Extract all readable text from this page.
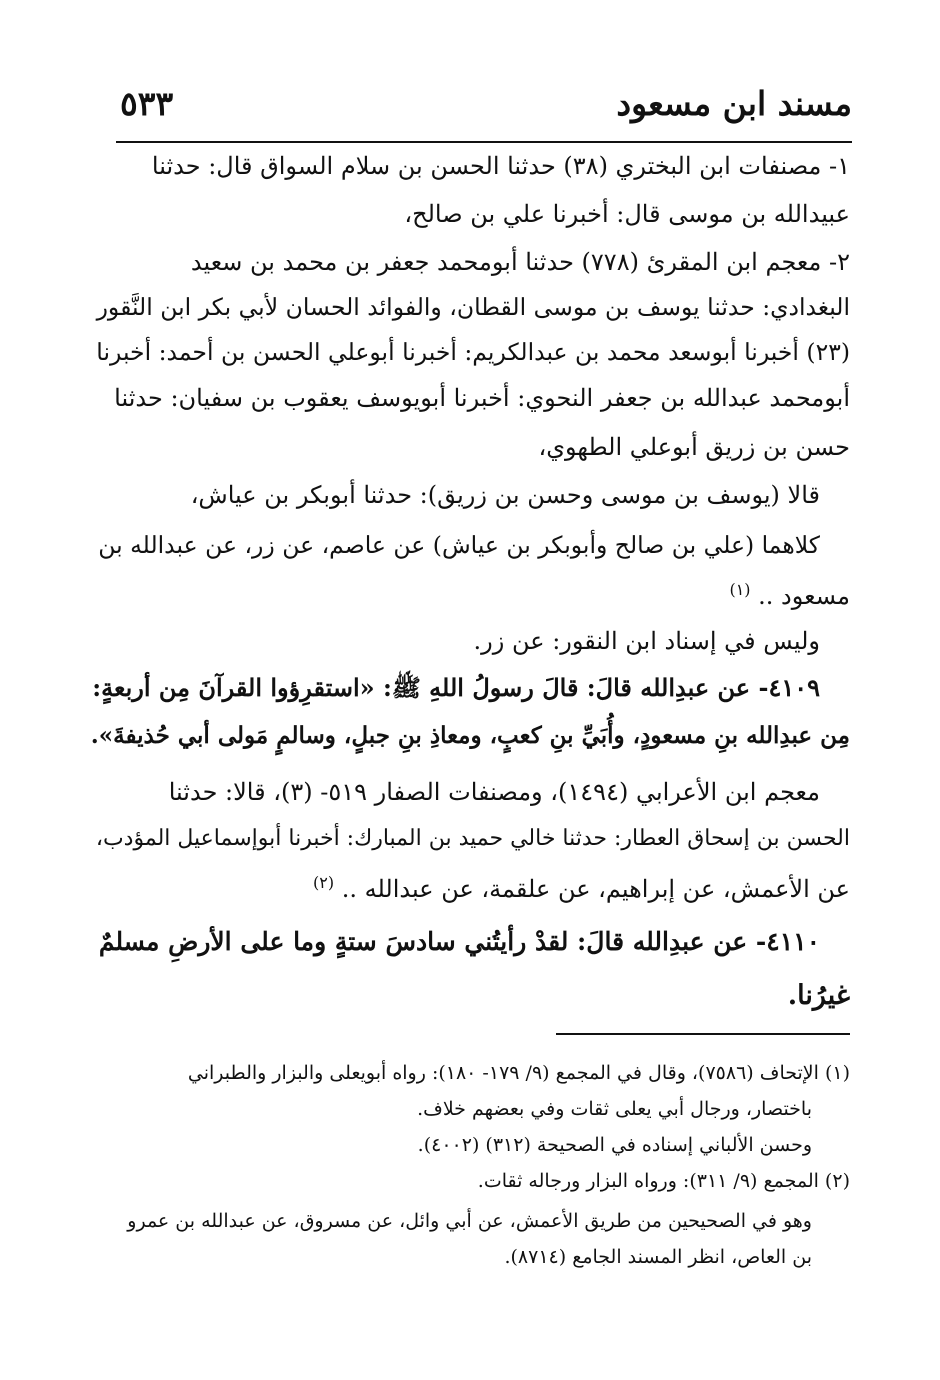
مسند ابن مسعود

٥٣٣

١- مصنفات ابن البختري (٣٨) حدثنا الحسن بن سلام السواق قال: حدثنا

عبيدالله بن موسى قال: أخبرنا علي بن صالح،

٢- معجم ابن المقرئ (٧٧٨) حدثنا أبومحمد جعفر بن محمد بن سعيد

البغدادي: حدثنا يوسف بن موسى القطان، والفوائد الحسان لأبي بكر ابن النَّقور

(٢٣) أخبرنا أبوسعد محمد بن عبدالكريم: أخبرنا أبوعلي الحسن بن أحمد: أخبرنا

أبومحمد عبدالله بن جعفر النحوي: أخبرنا أبويوسف يعقوب بن سفيان: حدثنا

حسن بن زريق أبوعلي الطهوي،

قالا (يوسف بن موسى وحسن بن زريق): حدثنا أبوبكر بن عياش،

كلاهما (علي بن صالح وأبوبكر بن عياش) عن عاصم، عن زر، عن عبدالله بن

مسعود .. $^{(١)}$

وليس في إسناد ابن النقور: عن زر.

٤١٠٩- عن عبدِالله قالَ: قالَ رسولُ اللهِ ﷺ: «استقرِؤوا القرآنَ مِن أربعةٍ:

مِن عبدِالله بنِ مسعودٍ، وأُبَيِّ بنِ كعبٍ، ومعاذِ بنِ جبلٍ، وسالمٍ مَولى أبي حُذيفةَ».

معجم ابن الأعرابي (١٤٩٤)، ومصنفات الصفار ٥١٩- (٣)، قالا: حدثنا

الحسن بن إسحاق العطار: حدثنا خالي حميد بن المبارك: أخبرنا أبوإسماعيل المؤدب،

عن الأعمش، عن إبراهيم، عن علقمة، عن عبدالله .. $^{(٢)}$

٤١١٠- عن عبدِالله قالَ: لقدْ رأيتُني سادسَ ستةٍ وما على الأرضِ مسلمٌ

غيرُنا.

(١) الإتحاف (٧٥٨٦)، وقال في المجمع (٩/ ١٧٩- ١٨٠): رواه أبويعلى والبزار والطبراني

باختصار، ورجال أبي يعلى ثقات وفي بعضهم خلاف.

وحسن الألباني إسناده في الصحيحة (٣١٢) (٤٠٠٢).

(٢) المجمع (٩/ ٣١١): ورواه البزار ورجاله ثقات.

وهو في الصحيحين من طريق الأعمش، عن أبي وائل، عن مسروق، عن عبدالله بن عمرو

بن العاص، انظر المسند الجامع (٨٧١٤).
